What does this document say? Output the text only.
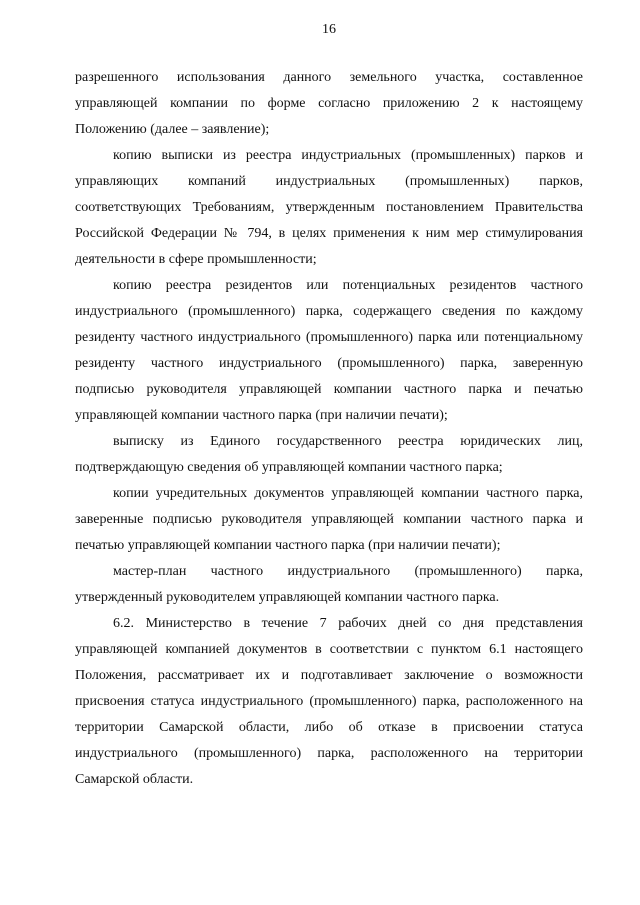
16

разрешенного использования данного земельного участка, составленное управляющей компании по форме согласно приложению 2 к настоящему Положению (далее – заявление);

копию выписки из реестра индустриальных (промышленных) парков и управляющих компаний индустриальных (промышленных) парков, соответствующих Требованиям, утвержденным постановлением Правительства Российской Федерации № 794, в целях применения к ним мер стимулирования деятельности в сфере промышленности;

копию реестра резидентов или потенциальных резидентов частного индустриального (промышленного) парка, содержащего сведения по каждому резиденту частного индустриального (промышленного) парка или потенциальному резиденту частного индустриального (промышленного) парка, заверенную подписью руководителя управляющей компании частного парка и печатью управляющей компании частного парка (при наличии печати);

выписку из Единого государственного реестра юридических лиц, подтверждающую сведения об управляющей компании частного парка;

копии учредительных документов управляющей компании частного парка, заверенные подписью руководителя управляющей компании частного парка и печатью управляющей компании частного парка (при наличии печати);

мастер-план частного индустриального (промышленного) парка, утвержденный руководителем управляющей компании частного парка.

6.2. Министерство в течение 7 рабочих дней со дня представления управляющей компанией документов в соответствии с пунктом 6.1 настоящего Положения, рассматривает их и подготавливает заключение о возможности присвоения статуса индустриального (промышленного) парка, расположенного на территории Самарской области, либо об отказе в присвоении статуса индустриального (промышленного) парка, расположенного на территории Самарской области.
